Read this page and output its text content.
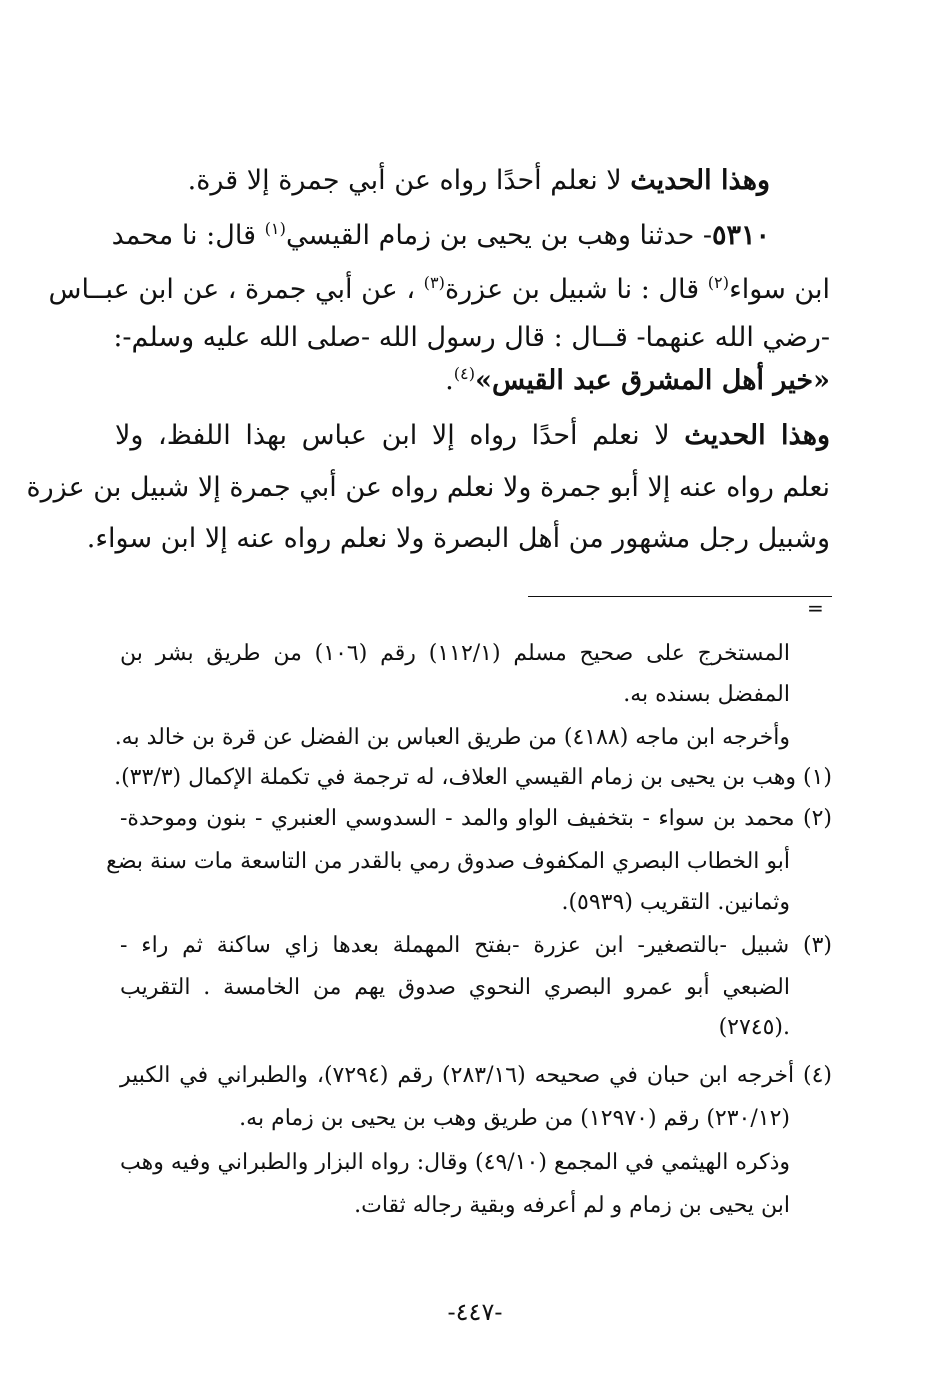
وهذا الحديث لا نعلم أحدًا رواه عن أبي جمرة إلا قرة.
٥٣١٠- حدثنا وهب بن يحيى بن زمام القيسي$^{(١)}$ قال: نا محمد
ابن سواء$^{(٢)}$ قال : نا شبيل بن عزرة$^{(٣)}$ ، عن أبي جمرة ، عن ابن عبــاس
-رضي الله عنهما- قــال : قال رسول الله -صلى الله عليه وسلم-:
«خير أهل المشرق عبد القيس»$^{(٤)}$.
وهذا الحديث لا نعلم أحدًا رواه إلا ابن عباس بهذا اللفظ، ولا
نعلم رواه عنه إلا أبو جمرة ولا نعلم رواه عن أبي جمرة إلا شبيل بن عزرة
وشبيل رجل مشهور من أهل البصرة ولا نعلم رواه عنه إلا ابن سواء.
=
المستخرج على صحيح مسلم (١١٢/١) رقم (١٠٦) من طريق بشر بن
المفضل بسنده به.
وأخرجه ابن ماجه (٤١٨٨) من طريق العباس بن الفضل عن قرة بن خالد به.
(١) وهب بن يحيى بن زمام القيسي العلاف، له ترجمة في تكملة الإكمال (٣٣/٣).
(٢) محمد بن سواء - بتخفيف الواو والمد - السدوسي العنبري - بنون وموحدة-
أبو الخطاب البصري المكفوف صدوق رمي بالقدر من التاسعة مات سنة بضع
وثمانين. التقريب (٥٩٣٩).
(٣) شبيل -بالتصغير- ابن عزرة -بفتح المهملة بعدها زاي ساكنة ثم راء -
الضبعي أبو عمرو البصري النحوي صدوق يهم من الخامسة . التقريب
(٢٧٤٥).
(٤) أخرجه ابن حبان في صحيحه (٢٨٣/١٦) رقم (٧٢٩٤)، والطبراني في الكبير
(٢٣٠/١٢) رقم (١٢٩٧٠) من طريق وهب بن يحيى بن زمام به.
وذكره الهيثمي في المجمع (٤٩/١٠) وقال: رواه البزار والطبراني وفيه وهب
ابن يحيى بن زمام و لم أعرفه وبقية رجاله ثقات.
-٤٤٧-
